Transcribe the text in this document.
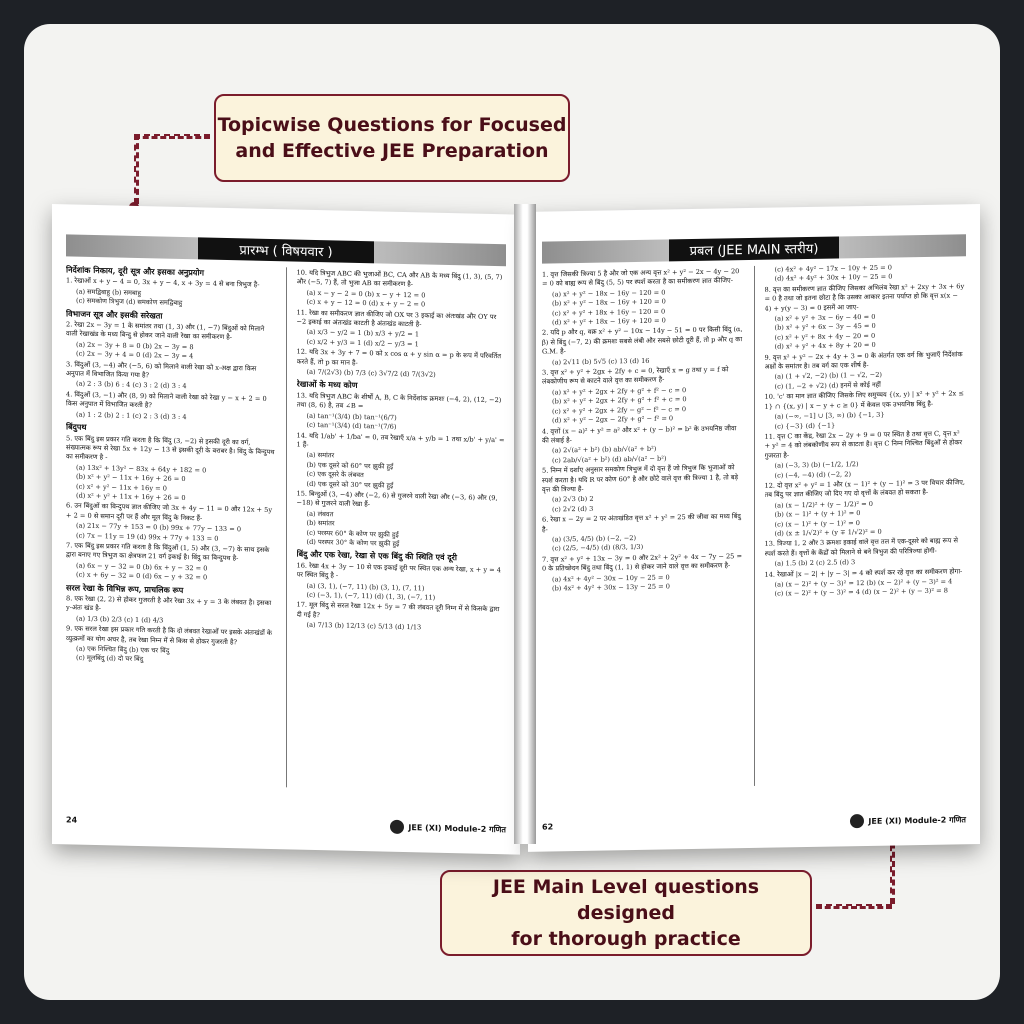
Topicwise Questions for Focused
and Effective JEE Preparation
JEE Main Level questions designed
for thorough practice
प्रारम्भ ( विषयवार )
निर्देशांक निकाय, दूरी सूत्र और इसका अनुप्रयोग
1. रेखाओं x + y − 4 = 0, 3x + y − 4, x + 3y = 4 से बना त्रिभुज है-
(a) समद्विबाहु (b) समबाहु
(c) समकोण त्रिभुज (d) समकोण समद्विबाहु
विभाजन सूत्र और इसकी सरेखता
2. रेखा 2x − 3y = 1 के समांतर तथा (1, 3) और (1, −7) बिंदुओं को मिलाने वाली रेखाखंड के मध्य बिन्दु से होकर जाने वाली रेखा का समीकरण है-
(a) 2x − 3y + 8 = 0 (b) 2x − 3y = 8
(c) 2x − 3y + 4 = 0 (d) 2x − 3y = 4
3. बिंदुओं (3, −4) और (−5, 6) को मिलाने वाली रेखा को x-अक्ष द्वारा किस अनुपात में विभाजित किया गया है?
(a) 2 : 3 (b) 6 : 4 (c) 3 : 2 (d) 3 : 4
4. बिंदुओं (3, −1) और (8, 9) को मिलाने वाली रेखा को रेखा y − x + 2 = 0 किस अनुपात में विभाजित करती है?
(a) 1 : 2 (b) 2 : 1 (c) 2 : 3 (d) 3 : 4
बिंदुपथ
5. एक बिंदु इस प्रकार गति करता है कि बिंदु (3, −2) से इसकी दूरी का वर्ग, संख्यात्मक रूप से रेखा 5x + 12y − 13 से इसकी दूरी के बराबर है। बिंदु के बिन्दुपथ का समीकरण है -
(a) 13x² + 13y² − 83x + 64y + 182 = 0
(b) x² + y² − 11x + 16y + 26 = 0
(c) x² + y² − 11x + 16y = 0
(d) x² + y² + 11x + 16y + 26 = 0
6. उन बिंदुओं का बिन्दुपथ ज्ञात कीजिए जो 3x + 4y − 11 = 0 और 12x + 5y + 2 = 0 से समान दूरी पर हैं और मूल बिंदु के निकट हैं-
(a) 21x − 77y + 153 = 0 (b) 99x + 77y − 133 = 0
(c) 7x − 11y = 19 (d) 99x + 77y + 133 = 0
7. एक बिंदु इस प्रकार गति करता है कि बिंदुओं (1, 5) और (3, −7) के साथ इसके द्वारा बनाए गए त्रिभुज का क्षेत्रफल 21 वर्ग इकाई है। बिंदु का बिन्दुपथ है-
(a) 6x − y − 32 = 0 (b) 6x + y − 32 = 0
(c) x + 6y − 32 = 0 (d) 6x − y + 32 = 0
सरल रेखा के विभिन्न रूप, प्राचलिक रूप
8. एक रेखा (2, 2) से होकर गुजरती है और रेखा 3x + y = 3 के लंबवत है। इसका y-अंतः खंड है-
(a) 1/3 (b) 2/3 (c) 1 (d) 4/3
9. एक सरल रेखा इस प्रकार गति करती है कि दो लंबवत रेखाओं पर इसके अंतःखंडों के व्युत्क्रमों का योग अचर है, तब रेखा निम्न में से किस से होकर गुजरती है?
(a) एक निश्चित बिंदु (b) एक चर बिंदु
(c) मूलबिंदु (d) दो चर बिंदु
10. यदि त्रिभुज ABC की भुजाओं BC, CA और AB के मध्य बिंदु (1, 3), (5, 7) और (−5, 7) हैं, तो भुजा AB का समीकरण है-
(a) x − y − 2 = 0 (b) x − y + 12 = 0
(c) x + y − 12 = 0 (d) x + y − 2 = 0
11. रेखा का समीकरण ज्ञात कीजिए जो OX पर 3 इकाई का अंतःखंड और OY पर −2 इकाई का अंतःखंड काटती है अंतःखंड काटती है-
(a) x/3 − y/2 = 1 (b) x/3 + y/2 = 1
(c) x/2 + y/3 = 1 (d) x/2 − y/3 = 1
12. यदि 3x + 3y + 7 = 0 को x cos α + y sin α = p के रूप में परिवर्तित करते हैं, तो p का मान है-
(a) 7/(2√3) (b) 7/3 (c) 3√7/2 (d) 7/(3√2)
रेखाओं के मध्य कोण
13. यदि त्रिभुज ABC के शीर्षों A, B, C के निर्देशांक क्रमशः (−4, 2), (12, −2) तथा (8, 6) है, तब ∠B =
(a) tan⁻¹(3/4) (b) tan⁻¹(6/7)
(c) tan⁻¹(3/4) (d) tan⁻¹(7/6)
14. यदि 1/ab' + 1/ba' = 0, तब रेखाएँ x/a + y/b = 1 तथा x/b' + y/a' = 1 हैं-
(a) समांतर
(b) एक दूसरे को 60° पर झुकी हुई
(c) एक दूसरे के लंबवत
(d) एक दूसरे को 30° पर झुकी हुई
15. बिन्दुओं (3, −4) और (−2, 6) से गुजरने वाली रेखा और (−3, 6) और (9, −18) से गुजरने वाली रेखा हैं-
(a) लंबवत
(b) समांतर
(c) परस्पर 60° के कोण पर झुकी हुई
(d) परस्पर 30° के कोण पर झुकी हुई
बिंदु और एक रेखा, रेखा से एक बिंदु की स्थिति एवं दूरी
16. रेखा 4x + 3y − 10 से एक इकाई दूरी पर स्थित एक अन्य रेखा, x + y = 4 पर स्थित बिंदु है -
(a) (3, 1), (−7, 11) (b) (3, 1), (7, 11)
(c) (−3, 1), (−7, 11) (d) (1, 3), (−7, 11)
17. मूल बिंदु से सरल रेखा 12x + 5y = 7 की लंबवत दूरी निम्न में से किसके द्वारा दी गई है?
(a) 7/13 (b) 12/13 (c) 5/13 (d) 1/13
24
JEE (XI) Module-2 गणित
प्रबल (JEE MAIN स्तरीय)
1. वृत्त जिसकी त्रिज्या 5 है और जो एक अन्य वृत्त x² + y² − 2x − 4y − 20 = 0 को बाह्य रूप से बिंदु (5, 5) पर स्पर्श करता है का समीकरण ज्ञात कीजिए-
(a) x² + y² − 18x − 16y − 120 = 0
(b) x² + y² − 18x − 16y + 120 = 0
(c) x² + y² + 18x + 16y − 120 = 0
(d) x² + y² + 18x − 16y + 120 = 0
2. यदि p और q, वक्र x² + y² − 10x − 14y − 51 = 0 पर किसी बिंदु (α, β) से बिंदु (−7, 2) की क्रमशः सबसे लंबी और सबसे छोटी दूरी हैं, तो p और q का G.M. है-
(a) 2√11 (b) 5√5 (c) 13 (d) 16
3. वृत्त x² + y² + 2gx + 2fy + c = 0, रेखाएँ x = g तथा y = f को लंबकोणीय रूप से काटने वाले वृत्त का समीकरण है-
(a) x² + y² + 2gx + 2fy + g² + f² − c = 0
(b) x² + y² + 2gx + 2fy + g² + f² + c = 0
(c) x² + y² + 2gx + 2fy − g² − f² − c = 0
(d) x² + y² − 2gx − 2fy + g² − f² = 0
4. वृत्तों (x − a)² + y² = a² और x² + (y − b)² = b² के उभयनिष्ठ जीवा की लंबाई है-
(a) 2√(a² + b²) (b) ab/√(a² + b²)
(c) 2ab/√(a² + b²) (d) ab/√(a² − b²)
5. निम्न में दर्शाए अनुसार समकोण त्रिभुज में दो वृत्त हैं जो त्रिभुज कि भुजाओं को स्पर्श करता है। यदि R पर कोण 60° है और छोटे वाले वृत्त की त्रिज्या 1 है, तो बड़े वृत्त की त्रिज्या है-
(a) 2√3 (b) 2
(c) 2√2 (d) 3
6. रेखा x − 2y = 2 पर अंतःखंडित वृत्त x² + y² = 25 की जीवा का मध्य बिंदु है-
(a) (3/5, 4/5) (b) (−2, −2)
(c) (2/5, −4/5) (d) (8/3, 1/3)
7. वृत्त x² + y² + 13x − 3y = 0 और 2x² + 2y² + 4x − 7y − 25 = 0 के प्रतिच्छेदन बिंदु तथा बिंदु (1, 1) से होकर जाने वाले वृत्त का समीकरण है-
(a) 4x² + 4y² − 30x − 10y − 25 = 0
(b) 4x² + 4y² + 30x − 13y − 25 = 0
(c) 4x² + 4y² − 17x − 10y + 25 = 0
(d) 4x² + 4y² + 30x + 10y − 25 = 0
8. वृत्त का समीकरण ज्ञात कीजिए जिसका अभिलंब रेखा x² + 2xy + 3x + 6y = 0 है तथा जो इतना छोटा है कि उसका आकार इतना पर्याप्त हो कि वृत्त x(x − 4) + y(y − 3) = 0 इसमें आ जाए-
(a) x² + y² + 3x − 6y − 40 = 0
(b) x² + y² + 6x − 3y − 45 = 0
(c) x² + y² + 8x + 4y − 20 = 0
(d) x² + y² + 4x + 8y + 20 = 0
9. वृत्त x² + y² − 2x + 4y + 3 = 0 के अंतर्गत एक वर्ग कि भुजाएँ निर्देशांक अक्षों के समांतर है। तब वर्ग का एक शीर्ष है-
(a) (1 + √2, −2) (b) (1 − √2, −2)
(c) (1, −2 + √2) (d) इनमें से कोई नहीं
10. 'c' का मान ज्ञात कीजिए जिसके लिए समुच्चय {(x, y) | x² + y² + 2x ≤ 1} ∩ {(x, y) | x − y + c ≥ 0} में केवल एक उभयनिष्ठ बिंदु है-
(a) (−∞, −1] ∪ [3, ∞) (b) {−1, 3}
(c) {−3} (d) {−1}
11. वृत्त C का केंद्र, रेखा 2x − 2y + 9 = 0 पर स्थित है तथा वृत्त C, वृत्त x² + y² = 4 को लंबकोणीय रूप से काटता है। वृत्त C निम्न निश्चित बिंदुओं से होकर गुजरता है-
(a) (−3, 3) (b) (−1/2, 1/2)
(c) (−4, −4) (d) (−2, 2)
12. दो वृत्त x² + y² = 1 और (x − 1)² + (y − 1)² = 3 पर विचार कीजिए, तब बिंदु पर ज्ञात कीजिए जो दिए गए दो वृत्तों के लंबवत हो सकता है-
(a) (x − 1/2)² + (y − 1/2)² = 0
(b) (x − 1)² + (y + 1)² = 0
(c) (x − 1)² + (y − 1)² = 0
(d) (x ± 1/√2)² + (y ∓ 1/√2)² = 0
13. त्रिज्या 1, 2 और 3 क्रमशः इकाई वाले वृत्त तल में एक-दूसरे को बाह्य रूप से स्पर्श करते हैं। वृत्तों के केंद्रों को मिलाने से बने त्रिभुज की परित्रिज्या होगी-
(a) 1.5 (b) 2 (c) 2.5 (d) 3
14. रेखाओं |x − 2| + |y − 3| = 4 को स्पर्श कर रहे वृत्त का समीकरण होगा-
(a) (x − 2)² + (y − 3)² = 12 (b) (x − 2)² + (y − 3)² = 4
(c) (x − 2)² + (y − 3)² = 4 (d) (x − 2)² + (y − 3)² = 8
62
JEE (XI) Module-2 गणित
